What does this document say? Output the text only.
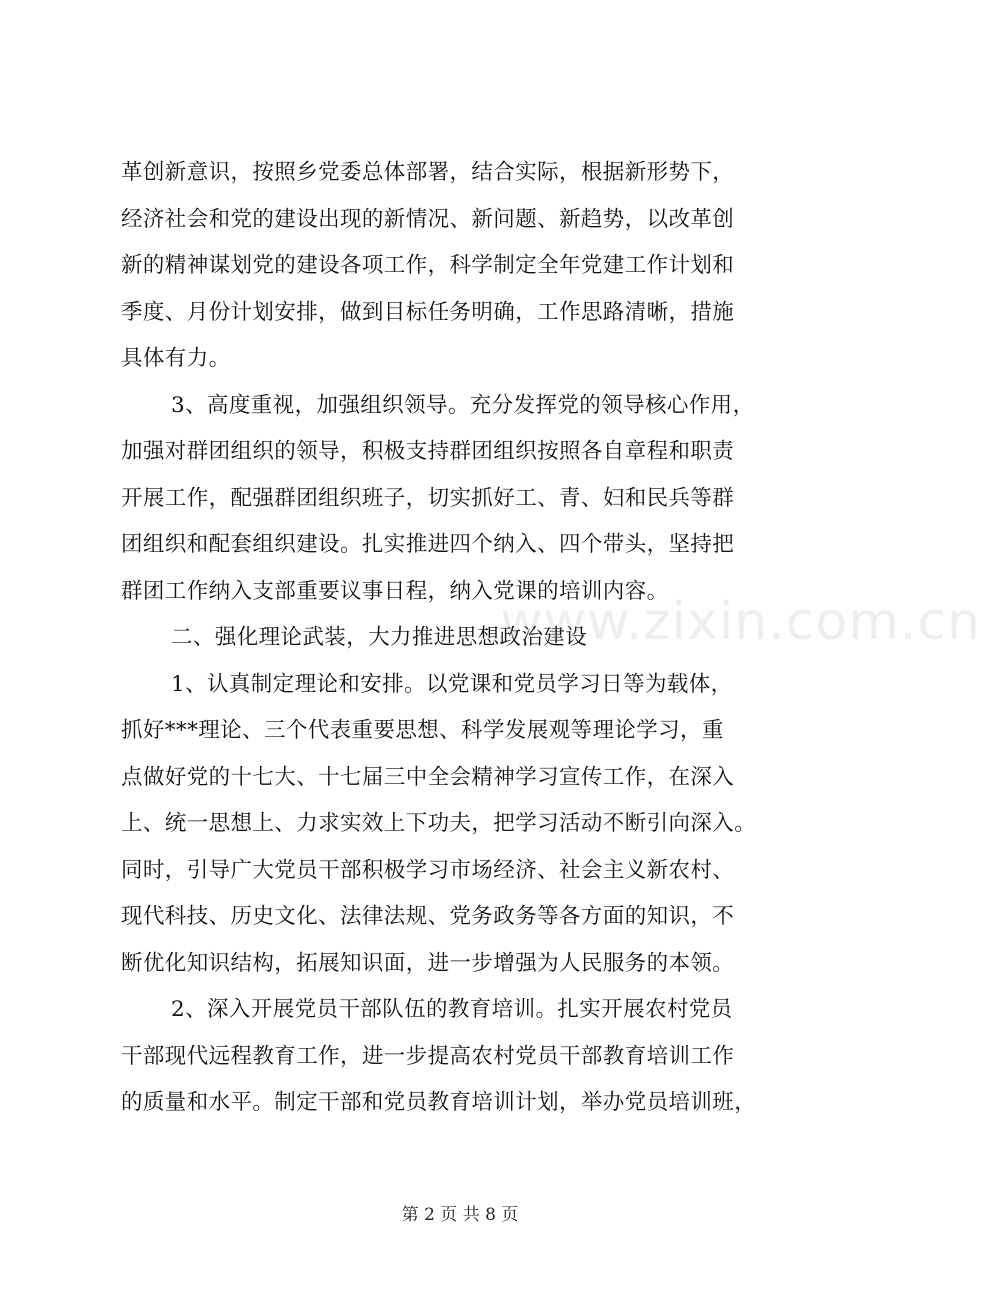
革创新意识，按照乡党委总体部署，结合实际，根据新形势下，
经济社会和党的建设出现的新情况、新问题、新趋势，以改革创
新的精神谋划党的建设各项工作，科学制定全年党建工作计划和
季度、月份计划安排，做到目标任务明确，工作思路清晰，措施
具体有力。
3、高度重视，加强组织领导。充分发挥党的领导核心作用，
加强对群团组织的领导，积极支持群团组织按照各自章程和职责
开展工作，配强群团组织班子，切实抓好工、青、妇和民兵等群
团组织和配套组织建设。扎实推进四个纳入、四个带头，坚持把
群团工作纳入支部重要议事日程，纳入党课的培训内容。
二、强化理论武装，大力推进思想政治建设
1、认真制定理论和安排。以党课和党员学习日等为载体，
抓好***理论、三个代表重要思想、科学发展观等理论学习，重
点做好党的十七大、十七届三中全会精神学习宣传工作，在深入
上、统一思想上、力求实效上下功夫，把学习活动不断引向深入。
同时，引导广大党员干部积极学习市场经济、社会主义新农村、
现代科技、历史文化、法律法规、党务政务等各方面的知识，不
断优化知识结构，拓展知识面，进一步增强为人民服务的本领。
2、深入开展党员干部队伍的教育培训。扎实开展农村党员
干部现代远程教育工作，进一步提高农村党员干部教育培训工作
的质量和水平。制定干部和党员教育培训计划，举办党员培训班，
www.zixin.com.cn
第 2 页 共 8 页
